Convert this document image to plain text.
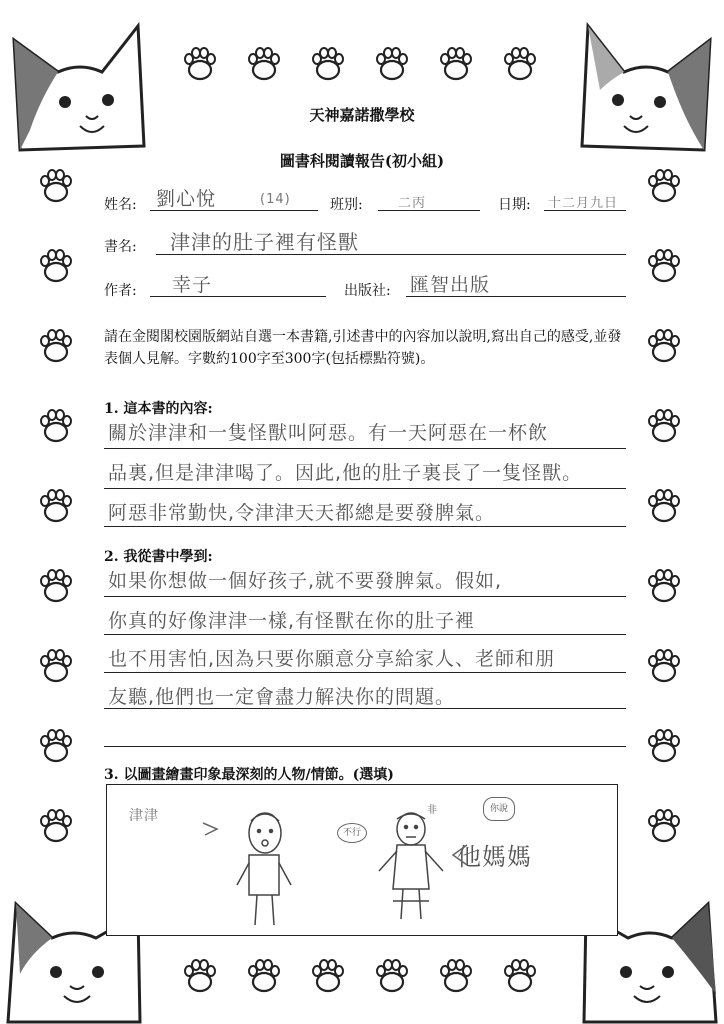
天神嘉諾撒學校
圖書科閱讀報告(初小組)
姓名: 劉心悅	(14)	班別:	二丙	日期: 十二月九日
書名: 津津的肚子裡有怪獸
作者: 幸子	出版社: 匯智出版
請在金閱閣校園版網站自選一本書籍,引述書中的內容加以說明,寫出自己的感受,並發表個人見解。字數約100字至300字(包括標點符號)。
1. 這本書的內容:
關於津津和一隻怪獸叫阿惡。有一天阿惡在一杯飲
品裏,但是津津喝了。因此,他的肚子裏長了一隻怪獸。
阿惡非常勤快,令津津天天都總是要發脾氣。
2. 我從書中學到:
如果你想做一個好孩子,就不要發脾氣。假如,
你真的好像津津一樣,有怪獸在你的肚子裡
也不用害怕,因為只要你願意分享給家人、老師和朋
友聽,他們也一定會盡力解決你的問題。
3. 以圖畫繪畫印象最深刻的人物/情節。(選填)
津津
不行
你說
非
他媽媽
